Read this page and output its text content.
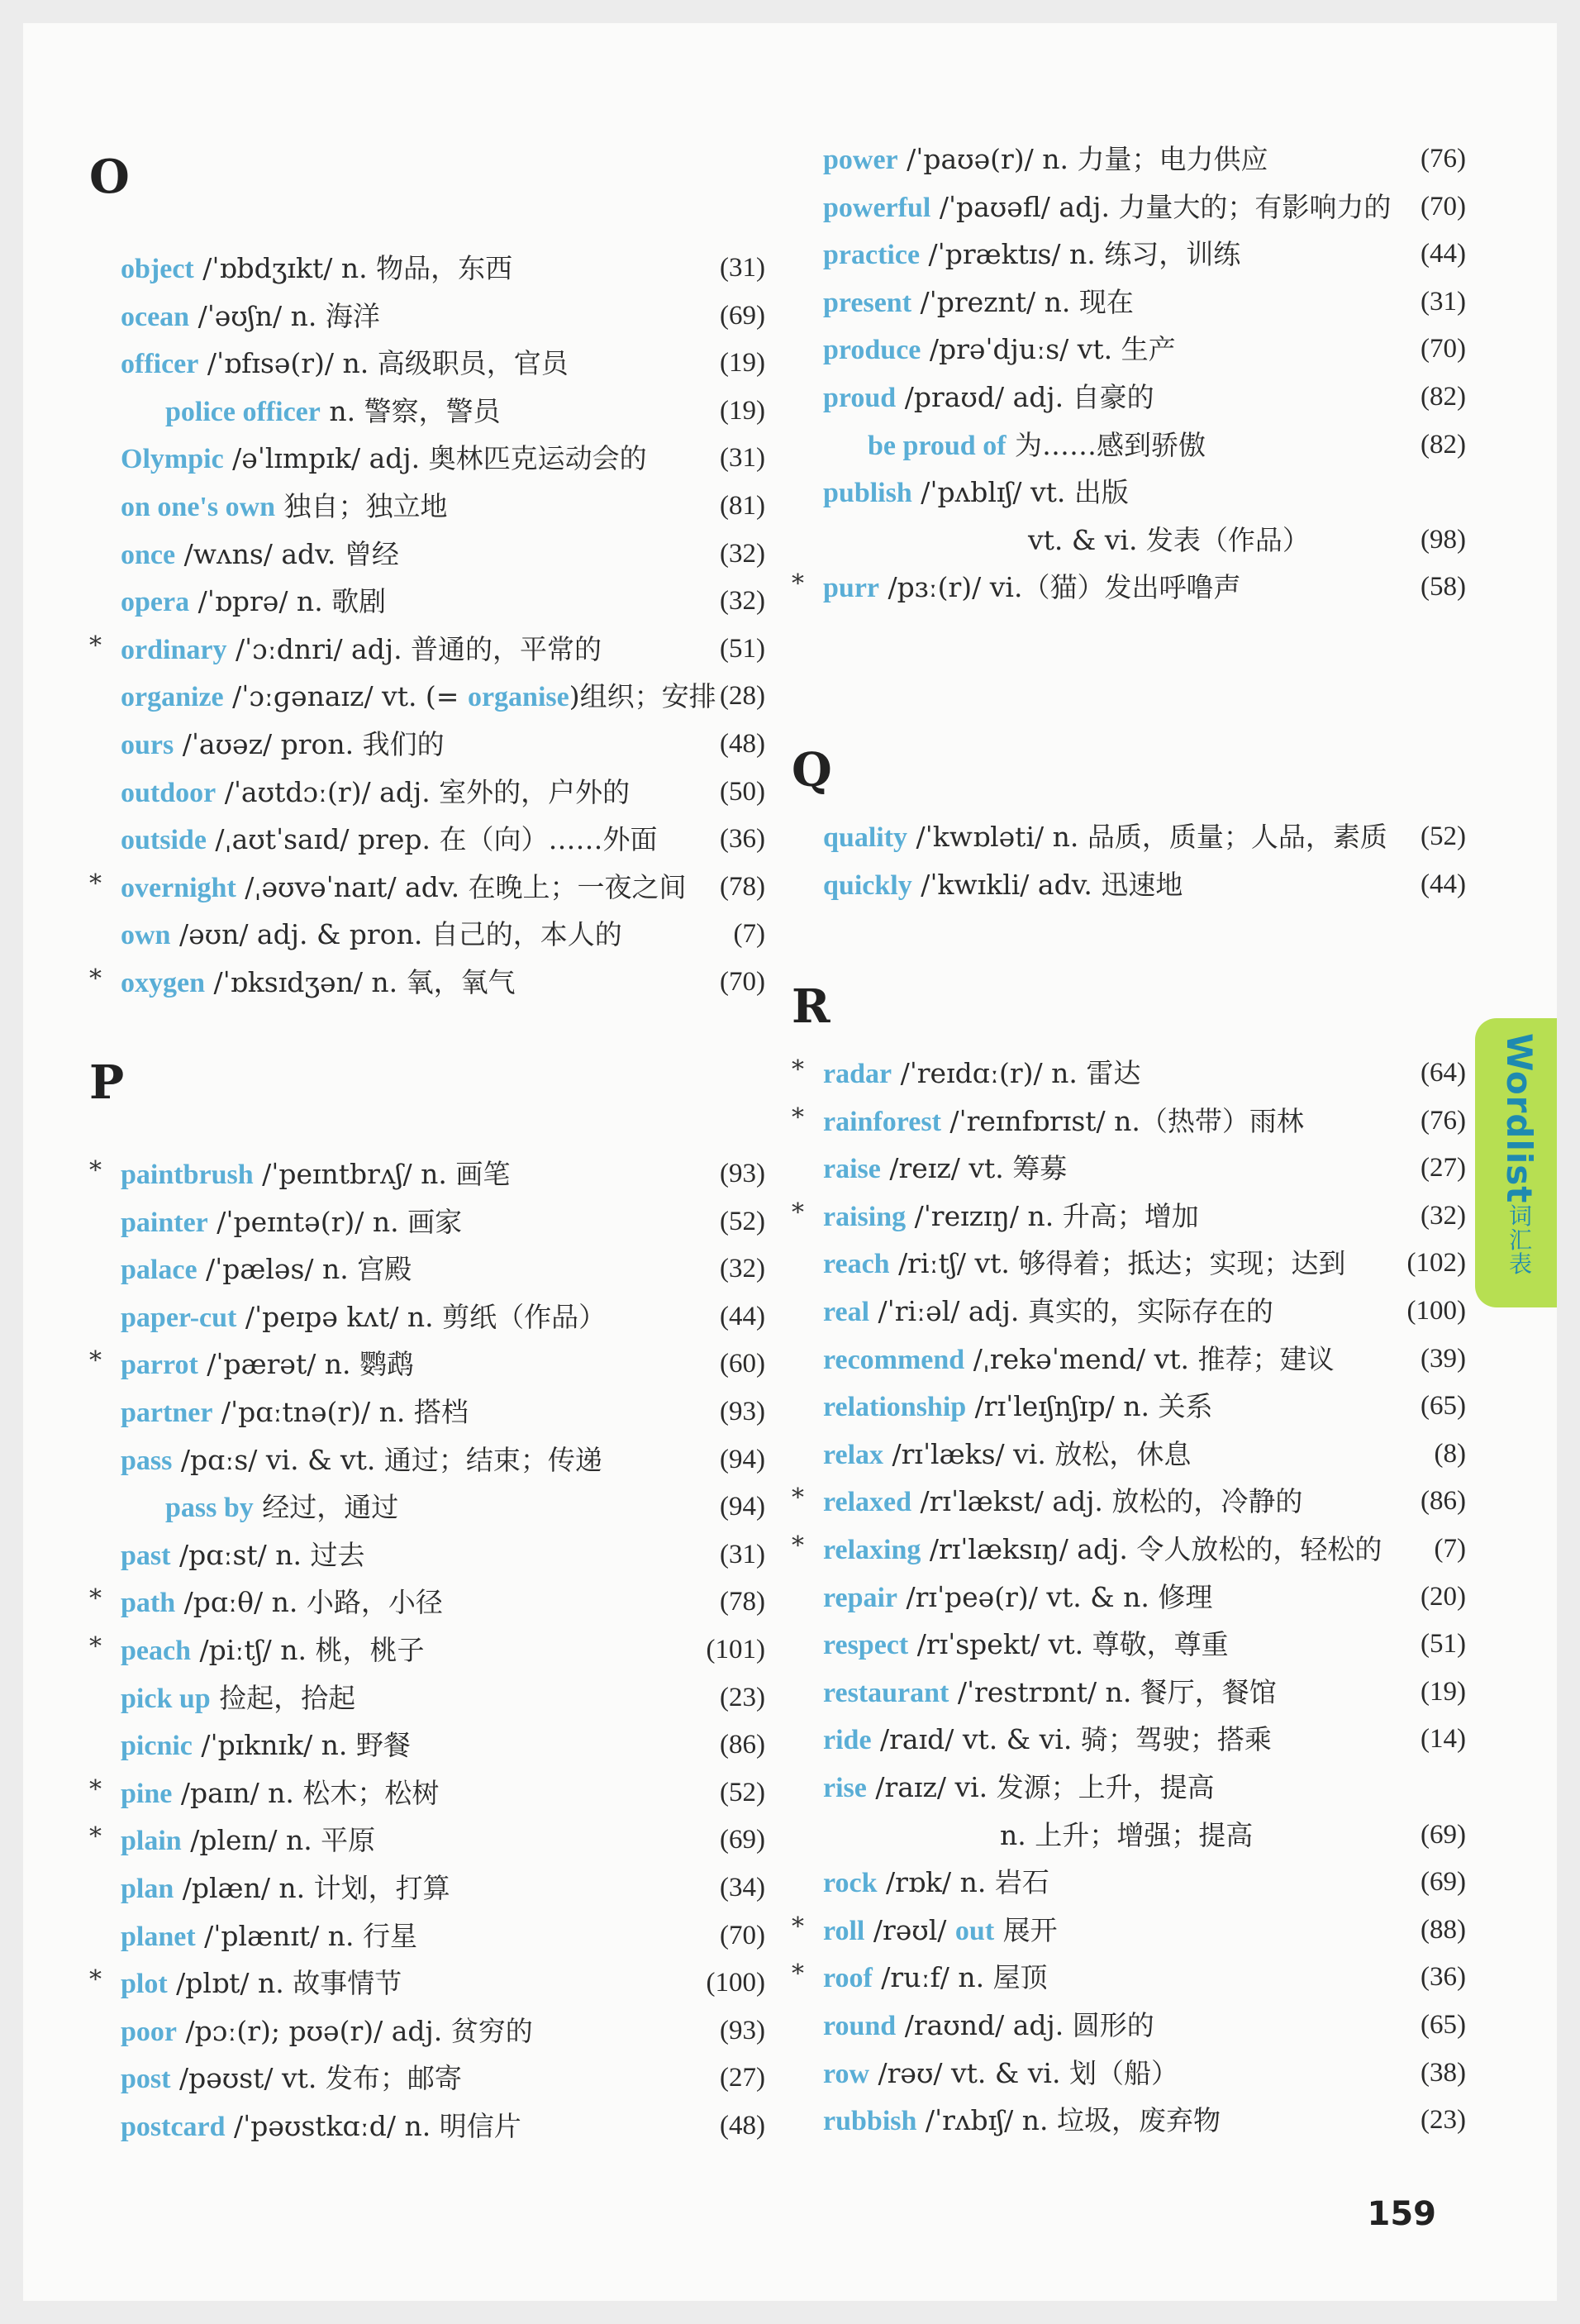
O
object /ˈɒbdʒɪkt/ n. 物品，东西	(31)
ocean /ˈəʊʃn/ n. 海洋	(69)
officer /ˈɒfɪsə(r)/ n. 高级职员，官员	(19)
police officer n. 警察，警员	(19)
Olympic /əˈlɪmpɪk/ adj. 奥林匹克运动会的	(31)
on one's own 独自；独立地	(81)
once /wʌns/ adv. 曾经	(32)
opera /ˈɒprə/ n. 歌剧	(32)
* ordinary /ˈɔːdnri/ adj. 普通的，平常的	(51)
organize /ˈɔːɡənaɪz/ vt. (= organise)组织；安排 (28)
ours /ˈaʊəz/ pron. 我们的	(48)
outdoor /ˈaʊtdɔː(r)/ adj. 室外的，户外的	(50)
outside /ˌaʊtˈsaɪd/ prep. 在（向）……外面	(36)
* overnight /ˌəʊvəˈnaɪt/ adv. 在晚上；一夜之间	(78)
own /əʊn/ adj. & pron. 自己的，本人的	(7)
* oxygen /ˈɒksɪdʒən/ n. 氧，氧气	(70)
P
* paintbrush /ˈpeɪntbrʌʃ/ n. 画笔	(93)
painter /ˈpeɪntə(r)/ n. 画家	(52)
palace /ˈpæləs/ n. 宫殿	(32)
paper-cut /ˈpeɪpə kʌt/ n. 剪纸（作品）	(44)
* parrot /ˈpærət/ n. 鹦鹉	(60)
partner /ˈpɑːtnə(r)/ n. 搭档	(93)
pass /pɑːs/ vi. & vt. 通过；结束；传递	(94)
pass by 经过，通过	(94)
past /pɑːst/ n. 过去	(31)
* path /pɑːθ/ n. 小路，小径	(78)
* peach /piːtʃ/ n. 桃，桃子	(101)
pick up 捡起，拾起	(23)
picnic /ˈpɪknɪk/ n. 野餐	(86)
* pine /paɪn/ n. 松木；松树	(52)
* plain /pleɪn/ n. 平原	(69)
plan /plæn/ n. 计划，打算	(34)
planet /ˈplænɪt/ n. 行星	(70)
* plot /plɒt/ n. 故事情节	(100)
poor /pɔː(r); pʊə(r)/ adj. 贫穷的	(93)
post /pəʊst/ vt. 发布；邮寄	(27)
postcard /ˈpəʊstkɑːd/ n. 明信片	(48)
power /ˈpaʊə(r)/ n. 力量；电力供应	(76)
powerful /ˈpaʊəfl/ adj. 力量大的；有影响力的	(70)
practice /ˈpræktɪs/ n. 练习，训练	(44)
present /ˈpreznt/ n. 现在	(31)
produce /prəˈdjuːs/ vt. 生产	(70)
proud /praʊd/ adj. 自豪的	(82)
be proud of 为……感到骄傲	(82)
publish /ˈpʌblɪʃ/ vt. 出版
vt. & vi. 发表（作品）	(98)
* purr /pɜː(r)/ vi.（猫）发出呼噜声	(58)
Q
quality /ˈkwɒləti/ n. 品质，质量；人品，素质	(52)
quickly /ˈkwɪkli/ adv. 迅速地	(44)
R
* radar /ˈreɪdɑː(r)/ n. 雷达	(64)
* rainforest /ˈreɪnfɒrɪst/ n.（热带）雨林	(76)
raise /reɪz/ vt. 筹募	(27)
* raising /ˈreɪzɪŋ/ n. 升高；增加	(32)
reach /riːtʃ/ vt. 够得着；抵达；实现；达到	(102)
real /ˈriːəl/ adj. 真实的，实际存在的	(100)
recommend /ˌrekəˈmend/ vt. 推荐；建议	(39)
relationship /rɪˈleɪʃnʃɪp/ n. 关系	(65)
relax /rɪˈlæks/ vi. 放松，休息	(8)
* relaxed /rɪˈlækst/ adj. 放松的，冷静的	(86)
* relaxing /rɪˈlæksɪŋ/ adj. 令人放松的，轻松的	(7)
repair /rɪˈpeə(r)/ vt. & n. 修理	(20)
respect /rɪˈspekt/ vt. 尊敬，尊重	(51)
restaurant /ˈrestrɒnt/ n. 餐厅，餐馆	(19)
ride /raɪd/ vt. & vi. 骑；驾驶；搭乘	(14)
rise /raɪz/ vi. 发源；上升，提高
n. 上升；增强；提高	(69)
rock /rɒk/ n. 岩石	(69)
* roll /rəʊl/ out 展开	(88)
* roof /ruːf/ n. 屋顶	(36)
round /raʊnd/ adj. 圆形的	(65)
row /rəʊ/ vt. & vi. 划（船）	(38)
rubbish /ˈrʌbɪʃ/ n. 垃圾，废弃物	(23)
Wordlist词汇表
159
